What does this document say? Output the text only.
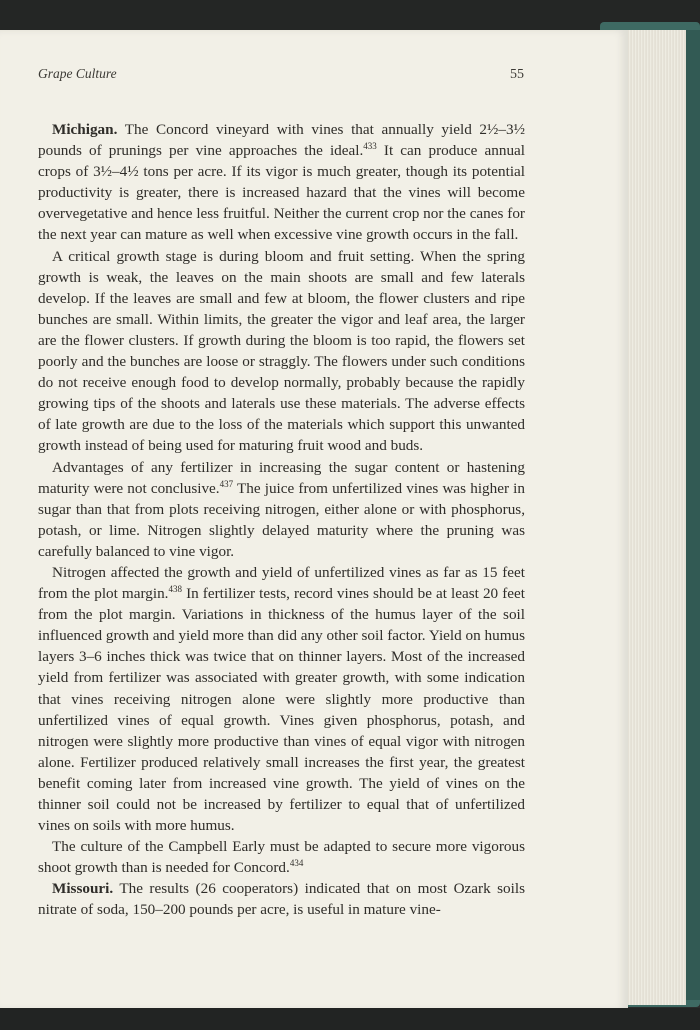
Grape Culture	55

Michigan. The Concord vineyard with vines that annually yield 2½–3½ pounds of prunings per vine approaches the ideal.$^{433}$ It can produce annual crops of 3½–4½ tons per acre. If its vigor is much greater, though its potential productivity is greater, there is increased hazard that the vines will become overvegetative and hence less fruitful. Neither the current crop nor the canes for the next year can mature as well when excessive vine growth occurs in the fall.

A critical growth stage is during bloom and fruit setting. When the spring growth is weak, the leaves on the main shoots are small and few laterals develop. If the leaves are small and few at bloom, the flower clusters and ripe bunches are small. Within limits, the greater the vigor and leaf area, the larger are the flower clusters. If growth during the bloom is too rapid, the flowers set poorly and the bunches are loose or straggly. The flowers under such conditions do not receive enough food to develop normally, probably because the rapidly growing tips of the shoots and laterals use these materials. The adverse effects of late growth are due to the loss of the materials which support this unwanted growth instead of being used for maturing fruit wood and buds.

Advantages of any fertilizer in increasing the sugar content or hastening maturity were not conclusive.$^{437}$ The juice from unfertilized vines was higher in sugar than that from plots receiving nitrogen, either alone or with phosphorus, potash, or lime. Nitrogen slightly delayed maturity where the pruning was carefully balanced to vine vigor.

Nitrogen affected the growth and yield of unfertilized vines as far as 15 feet from the plot margin.$^{438}$ In fertilizer tests, record vines should be at least 20 feet from the plot margin. Variations in thickness of the humus layer of the soil influenced growth and yield more than did any other soil factor. Yield on humus layers 3–6 inches thick was twice that on thinner layers. Most of the increased yield from fertilizer was associated with greater growth, with some indication that vines receiving nitrogen alone were slightly more productive than unfertilized vines of equal growth. Vines given phosphorus, potash, and nitrogen were slightly more productive than vines of equal vigor with nitrogen alone. Fertilizer produced relatively small increases the first year, the greatest benefit coming later from increased vine growth. The yield of vines on the thinner soil could not be increased by fertilizer to equal that of unfertilized vines on soils with more humus.

The culture of the Campbell Early must be adapted to secure more vigorous shoot growth than is needed for Concord.$^{434}$

Missouri. The results (26 cooperators) indicated that on most Ozark soils nitrate of soda, 150–200 pounds per acre, is useful in mature vine-
